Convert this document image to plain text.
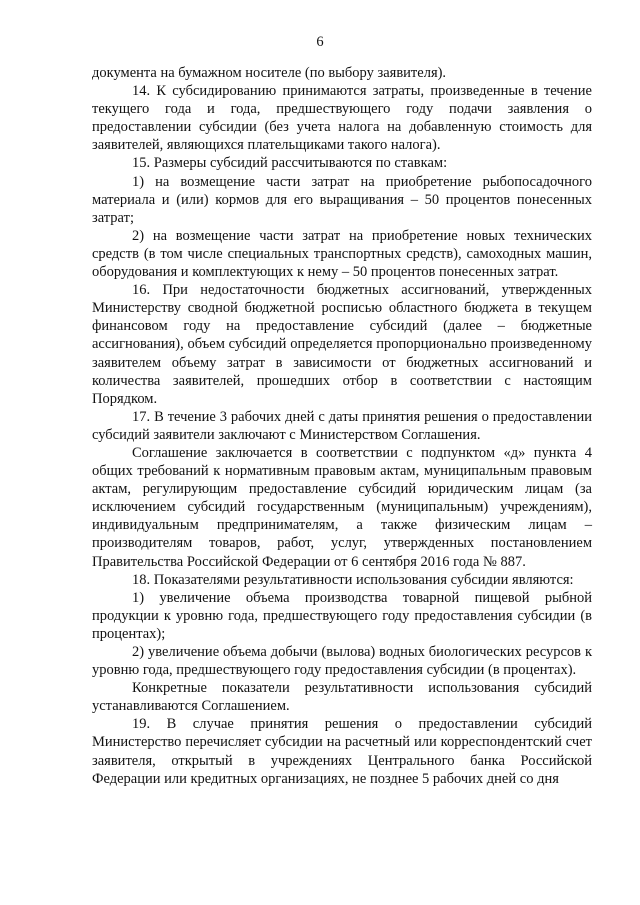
6

документа на бумажном носителе (по выбору заявителя).

14. К субсидированию принимаются затраты, произведенные в течение текущего года и года, предшествующего году подачи заявления о предоставлении субсидии (без учета налога на добавленную стоимость для заявителей, являющихся плательщиками такого налога).

15. Размеры субсидий рассчитываются по ставкам:

1) на возмещение части затрат на приобретение рыбопосадочного материала и (или) кормов для его выращивания – 50 процентов понесенных затрат;

2) на возмещение части затрат на приобретение новых технических средств (в том числе специальных транспортных средств), самоходных машин, оборудования и комплектующих к нему – 50 процентов понесенных затрат.

16. При недостаточности бюджетных ассигнований, утвержденных Министерству сводной бюджетной росписью областного бюджета в текущем финансовом году на предоставление субсидий (далее – бюджетные ассигнования), объем субсидий определяется пропорционально произведенному заявителем объему затрат в зависимости от бюджетных ассигнований и количества заявителей, прошедших отбор в соответствии с настоящим Порядком.

17. В течение 3 рабочих дней с даты принятия решения о предоставлении субсидий заявители заключают с Министерством Соглашения.

Соглашение заключается в соответствии с подпунктом «д» пункта 4 общих требований к нормативным правовым актам, муниципальным правовым актам, регулирующим предоставление субсидий юридическим лицам (за исключением субсидий государственным (муниципальным) учреждениям), индивидуальным предпринимателям, а также физическим лицам – производителям товаров, работ, услуг, утвержденных постановлением Правительства Российской Федерации от 6 сентября 2016 года № 887.

18. Показателями результативности использования субсидии являются:

1) увеличение объема производства товарной пищевой рыбной продукции к уровню года, предшествующего году предоставления субсидии (в процентах);

2) увеличение объема добычи (вылова) водных биологических ресурсов к уровню года, предшествующего году предоставления субсидии (в процентах).

Конкретные показатели результативности использования субсидий устанавливаются Соглашением.

19. В случае принятия решения о предоставлении субсидий Министерство перечисляет субсидии на расчетный или корреспондентский счет заявителя, открытый в учреждениях Центрального банка Российской Федерации или кредитных организациях, не позднее 5 рабочих дней со дня
